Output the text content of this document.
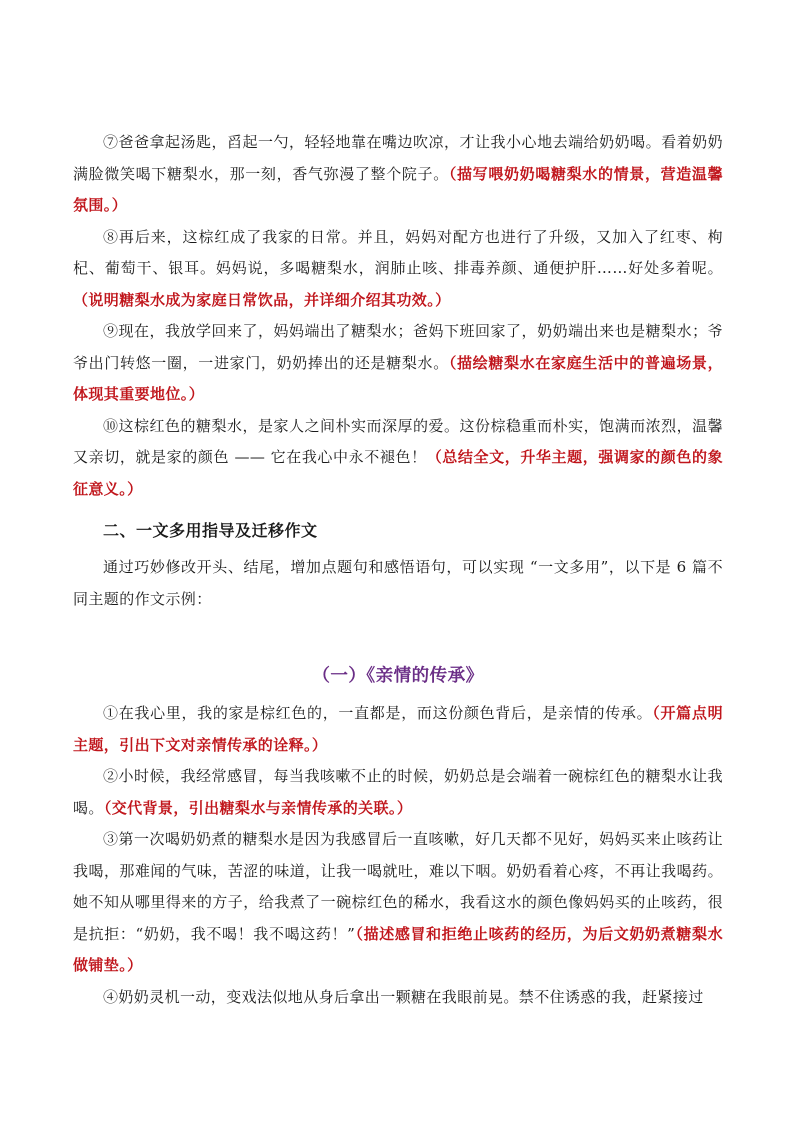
⑦爸爸拿起汤匙，舀起一勺，轻轻地靠在嘴边吹凉，才让我小心地去端给奶奶喝。看着奶奶满脸微笑喝下糖梨水，那一刻，香气弥漫了整个院子。（描写喂奶奶喝糖梨水的情景，营造温馨氛围。）

⑧再后来，这棕红成了我家的日常。并且，妈妈对配方也进行了升级，又加入了红枣、枸杞、葡萄干、银耳。妈妈说，多喝糖梨水，润肺止咳、排毒养颜、通便护肝……好处多着呢。（说明糖梨水成为家庭日常饮品，并详细介绍其功效。）

⑨现在，我放学回来了，妈妈端出了糖梨水；爸妈下班回家了，奶奶端出来也是糖梨水；爷爷出门转悠一圈，一进家门，奶奶捧出的还是糖梨水。（描绘糖梨水在家庭生活中的普遍场景，体现其重要地位。）

⑩这棕红色的糖梨水，是家人之间朴实而深厚的爱。这份棕稳重而朴实，饱满而浓烈，温馨又亲切，就是家的颜色 —— 它在我心中永不褪色！（总结全文，升华主题，强调家的颜色的象征意义。）

二、一文多用指导及迁移作文

通过巧妙修改开头、结尾，增加点题句和感悟语句，可以实现 “一文多用”，以下是 6 篇不同主题的作文示例：

（一）《亲情的传承》

①在我心里，我的家是棕红色的，一直都是，而这份颜色背后，是亲情的传承。（开篇点明主题，引出下文对亲情传承的诠释。）

②小时候，我经常感冒，每当我咳嗽不止的时候，奶奶总是会端着一碗棕红色的糖梨水让我喝。（交代背景，引出糖梨水与亲情传承的关联。）

③第一次喝奶奶煮的糖梨水是因为我感冒后一直咳嗽，好几天都不见好，妈妈买来止咳药让我喝，那难闻的气味，苦涩的味道，让我一喝就吐，难以下咽。奶奶看着心疼，不再让我喝药。她不知从哪里得来的方子，给我煮了一碗棕红色的稀水，我看这水的颜色像妈妈买的止咳药，很是抗拒：“奶奶，我不喝！我不喝这药！”（描述感冒和拒绝止咳药的经历，为后文奶奶煮糖梨水做铺垫。）

④奶奶灵机一动，变戏法似地从身后拿出一颗糖在我眼前晃。禁不住诱惑的我，赶紧接过
